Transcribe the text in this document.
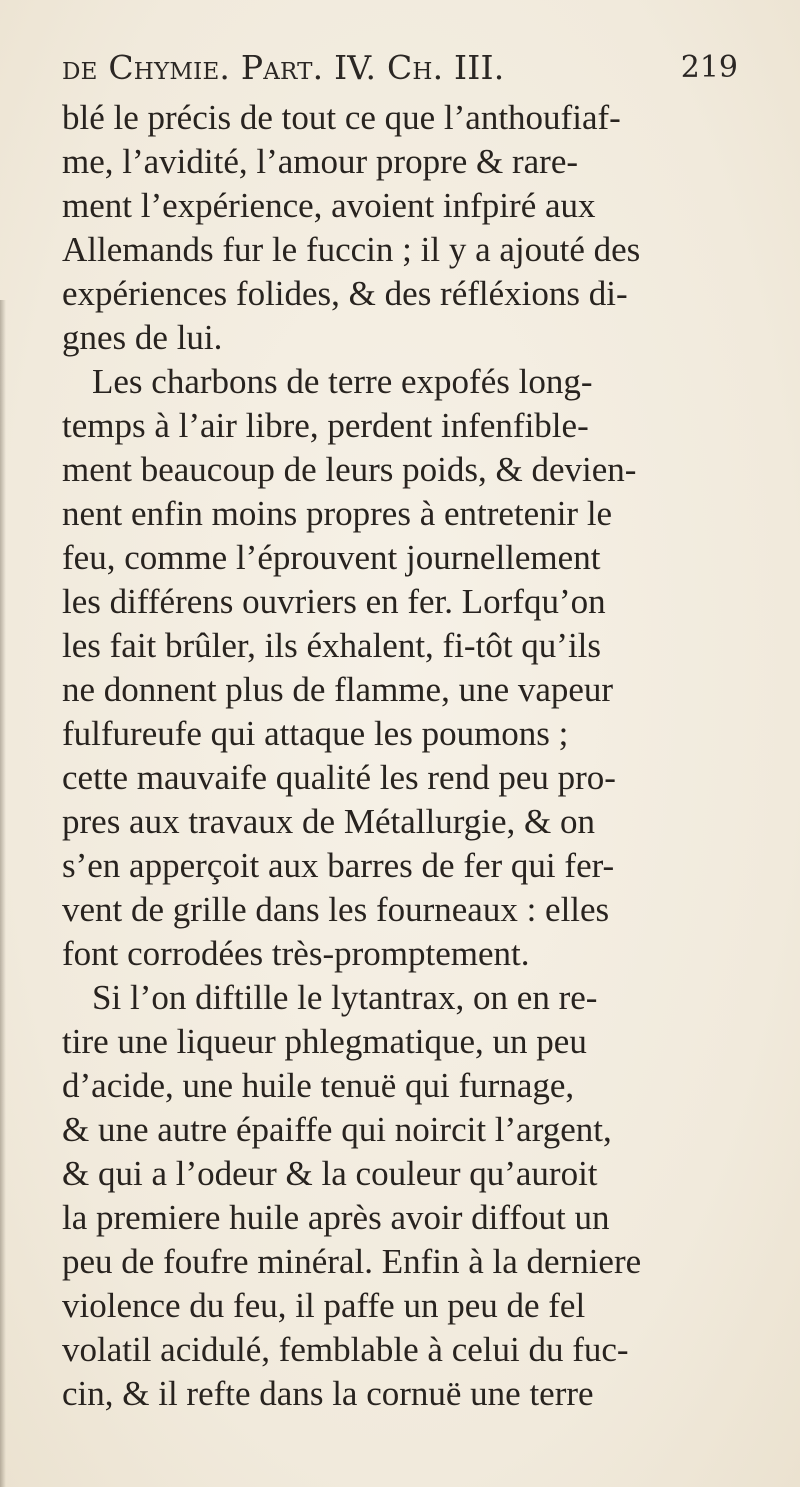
de Chymie. Part. IV. Ch. III.	219
blé le précis de tout ce que l’anthoufiaf-
me, l’avidité, l’amour propre & rare-
ment l’expérience, avoient infpiré aux
Allemands fur le fuccin ; il y a ajouté des
expériences folides, & des réfléxions di-
gnes de lui.
Les charbons de terre expofés long-
temps à l’air libre, perdent infenfible-
ment beaucoup de leurs poids, & devien-
nent enfin moins propres à entretenir le
feu, comme l’éprouvent journellement
les différens ouvriers en fer. Lorfqu’on
les fait brûler, ils éxhalent, fi-tôt qu’ils
ne donnent plus de flamme, une vapeur
fulfureufe qui attaque les poumons ;
cette mauvaife qualité les rend peu pro-
pres aux travaux de Métallurgie, & on
s’en apperçoit aux barres de fer qui fer-
vent de grille dans les fourneaux : elles
font corrodées très-promptement.
Si l’on diftille le lytantrax, on en re-
tire une liqueur phlegmatique, un peu
d’acide, une huile tenuë qui furnage,
& une autre épaiffe qui noircit l’argent,
& qui a l’odeur & la couleur qu’auroit
la premiere huile après avoir diffout un
peu de foufre minéral. Enfin à la derniere
violence du feu, il paffe un peu de fel
volatil acidulé, femblable à celui du fuc-
cin, & il refte dans la cornuë une terre
